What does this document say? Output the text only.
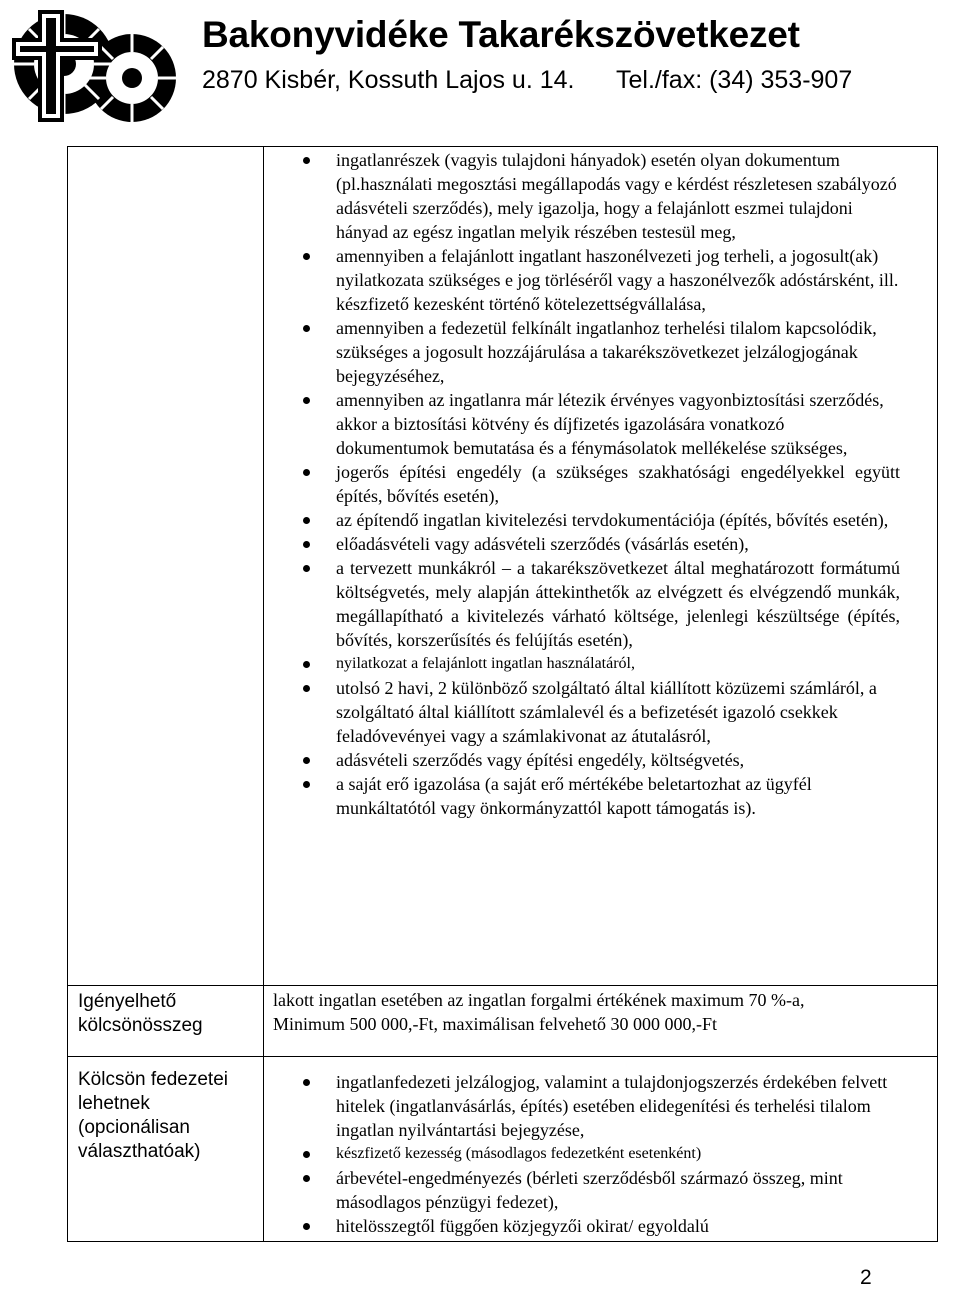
Bakonyvidéke Takarékszövetkezet
2870 Kisbér, Kossuth Lajos u. 14. Tel./fax: (34) 353-907
ingatlanrészek (vagyis tulajdoni hányadok) esetén olyan dokumentum (pl.használati megosztási megállapodás vagy e kérdést részletesen szabályozó adásvételi szerződés), mely igazolja, hogy a felajánlott eszmei tulajdoni hányad az egész ingatlan melyik részében testesül meg,
amennyiben a felajánlott ingatlant haszonélvezeti jog terheli, a jogosult(ak) nyilatkozata szükséges e jog törléséről vagy a haszonélvezők adóstársként, ill. készfizető kezesként történő kötelezettségvállalása,
amennyiben a fedezetül felkínált ingatlanhoz terhelési tilalom kapcsolódik, szükséges a jogosult hozzájárulása a takarékszövetkezet jelzálogjogának bejegyzéséhez,
amennyiben az ingatlanra már létezik érvényes vagyonbiztosítási szerződés, akkor a biztosítási kötvény és díjfizetés igazolására vonatkozó dokumentumok bemutatása és a fénymásolatok mellékelése szükséges,
jogerős építési engedély (a szükséges szakhatósági engedélyekkel együtt építés, bővítés esetén),
az építendő ingatlan kivitelezési tervdokumentációja (építés, bővítés esetén),
előadásvételi vagy adásvételi szerződés (vásárlás esetén),
a tervezett munkákról – a takarékszövetkezet által meghatározott formátumú költségvetés, mely alapján áttekinthetők az elvégzett és elvégzendő munkák, megállapítható a kivitelezés várható költsége, jelenlegi készültsége (építés, bővítés, korszerűsítés és felújítás esetén),
nyilatkozat a felajánlott ingatlan használatáról,
utolsó 2 havi, 2 különböző szolgáltató által kiállított közüzemi számláról, a szolgáltató által kiállított számlalevél és a befizetését igazoló csekkek feladóvevényei vagy a számlakivonat az átutalásról,
adásvételi szerződés vagy építési engedély, költségvetés,
a saját erő igazolása (a saját erő mértékébe beletartozhat az ügyfél munkáltatótól vagy önkormányzattól kapott támogatás is).
Igényelhető kölcsönösszeg
lakott ingatlan esetében az ingatlan forgalmi értékének maximum 70 %-a,
Minimum 500 000,-Ft, maximálisan felvehető 30 000 000,-Ft
Kölcsön fedezetei lehetnek (opcionálisan választhatóak)
ingatlanfedezeti jelzálogjog, valamint a tulajdonjogszerzés érdekében felvett hitelek (ingatlanvásárlás, építés) esetében elidegenítési és terhelési tilalom ingatlan nyilvántartási bejegyzése,
készfizető kezesség (másodlagos fedezetként esetenként)
árbevétel-engedményezés (bérleti szerződésből származó összeg, mint másodlagos pénzügyi fedezet),
hitelösszegtől függően közjegyzői okirat/ egyoldalú
2
